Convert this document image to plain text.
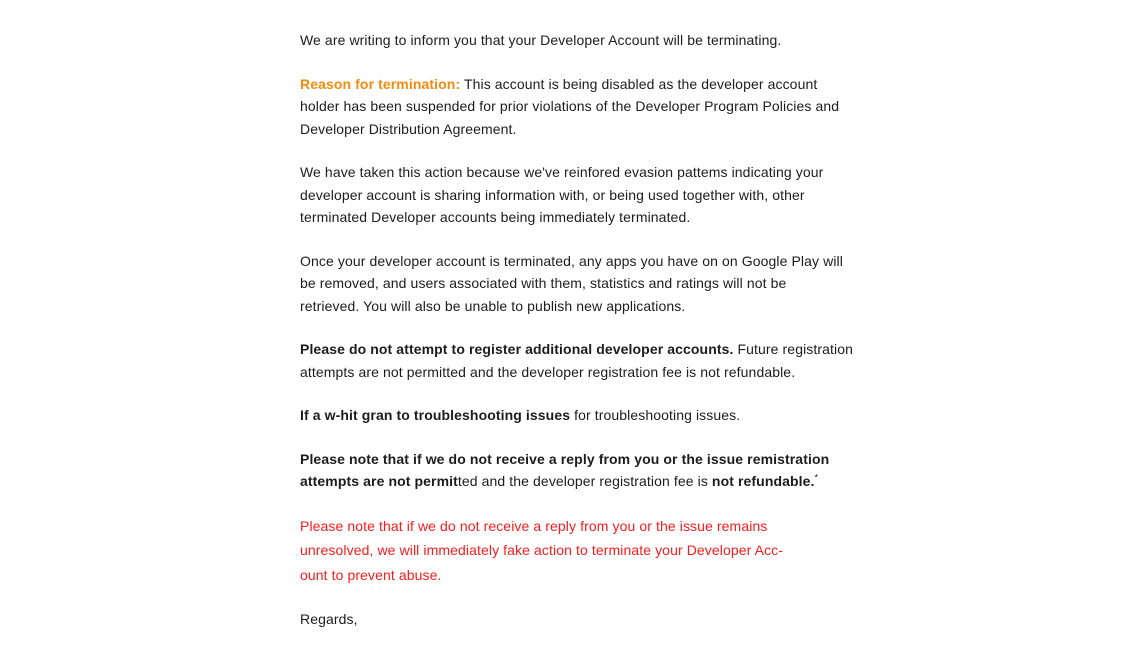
We are writing to inform you that your Developer Account will be terminating.
Reason for termination: This account is being disabled as the developer account
holder has been suspended for prior violations of the Developer Program Policies and
Developer Distribution Agreement.
We have taken this action because we've reinfored evasion pattems indicating your
developer account is sharing information with, or being used together with, other
terminated Developer accounts being immediately terminated.
Once your developer account is terminated, any apps you have on on Google Play will
be removed, and users associated with them, statistics and ratings will not be
retrieved. You will also be unable to publish new applications.
Please do not attempt to register additional developer accounts. Future registration
attempts are not permitted and the developer registration fee is not refundable.
If a w-hit gran to troubleshooting issues for troubleshooting issues.
Please note that if we do not receive a reply from you or the issue remistration
attempts are not permitted and the developer registration fee is not refundable.*
Please note that if we do not receive a reply from you or the issue remains
unresolved, we will immediately fake action to terminate your Developer Acc-
ount to prevent abuse.
Regards,
